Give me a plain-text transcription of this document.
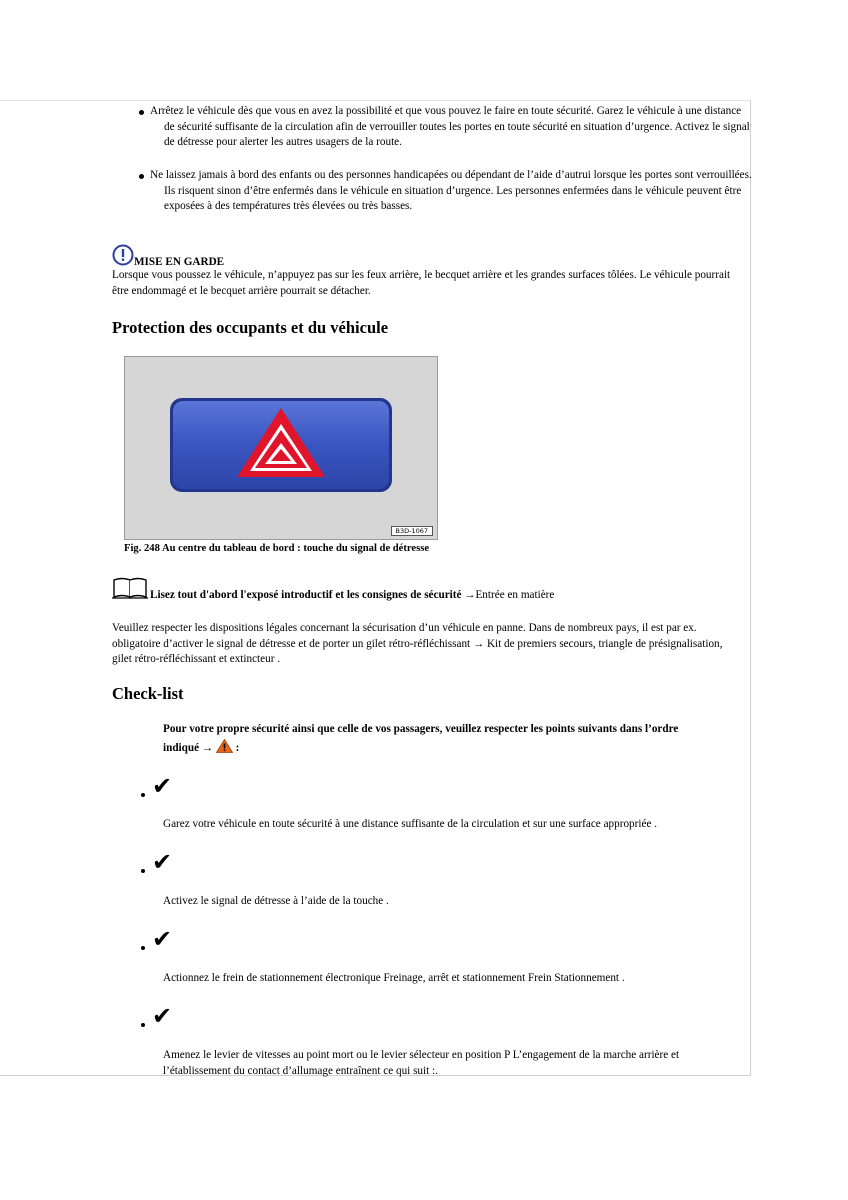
Arrêtez le véhicule dès que vous en avez la possibilité et que vous pouvez le faire en toute sécurité. Garez le véhicule à une distance de sécurité suffisante de la circulation afin de verrouiller toutes les portes en toute sécurité en situation d’urgence. Activez le signal de détresse pour alerter les autres usagers de la route.
Ne laissez jamais à bord des enfants ou des personnes handicapées ou dépendant de l’aide d’autrui lorsque les portes sont verrouillées. Ils risquent sinon d’être enfermés dans le véhicule en situation d’urgence. Les personnes enfermées dans le véhicule peuvent être exposées à des températures très élevées ou très basses.
MISE EN GARDE
Lorsque vous poussez le véhicule, n’appuyez pas sur les feux arrière, le becquet arrière et les grandes surfaces tôlées. Le véhicule pourrait être endommagé et le becquet arrière pourrait se détacher.
Protection des occupants et du véhicule
B3D-1067
Fig. 248 Au centre du tableau de bord : touche du signal de détresse
Lisez tout d'abord l'exposé introductif et les consignes de sécurité →Entrée en matière
Veuillez respecter les dispositions légales concernant la sécurisation d’un véhicule en panne. Dans de nombreux pays, il est par ex. obligatoire d’activer le signal de détresse et de porter un gilet rétro-réfléchissant → Kit de premiers secours, triangle de présignalisation, gilet rétro-réfléchissant et extincteur .
Check-list
Pour votre propre sécurité ainsi que celle de vos passagers, veuillez respecter les points suivants dans l’ordre
indiqué →  :
✔
Garez votre véhicule en toute sécurité à une distance suffisante de la circulation et sur une surface appropriée .
✔
Activez le signal de détresse à l’aide de la touche .
✔
Actionnez le frein de stationnement électronique Freinage, arrêt et stationnement Frein Stationnement .
✔
Amenez le levier de vitesses au point mort ou le levier sélecteur en position P L’engagement de la marche arrière et l’établissement du contact d’allumage entraînent ce qui suit :.
